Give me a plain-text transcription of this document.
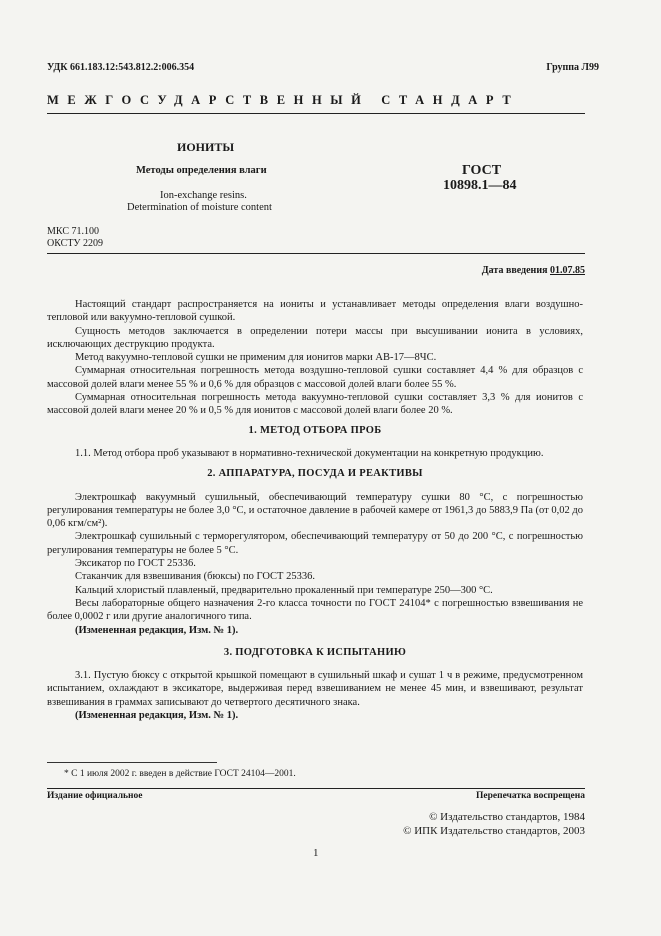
УДК 661.183.12:543.812.2:006.354	Группа Л99
МЕЖГОСУДАРСТВЕННЫЙ СТАНДАРТ
ИОНИТЫ
Методы определения влаги
Ion-exchange resins.
Determination of moisture content
ГОСТ
10898.1—84
МКС 71.100
ОКСТУ 2209
Дата введения 01.07.85

Настоящий стандарт распространяется на иониты и устанавливает методы определения влаги воздушно-тепловой или вакуумно-тепловой сушкой.

Сущность методов заключается в определении потери массы при высушивании ионита в условиях, исключающих деструкцию продукта.

Метод вакуумно-тепловой сушки не применим для ионитов марки АВ-17—8ЧС.

Суммарная относительная погрешность метода воздушно-тепловой сушки составляет 4,4 % для образцов с массовой долей влаги менее 55 % и 0,6 % для образцов с массовой долей влаги более 55 %.

Суммарная относительная погрешность метода вакуумно-тепловой сушки составляет 3,3 % для ионитов с массовой долей влаги менее 20 % и 0,5 % для ионитов с массовой долей влаги более 20 %.

1. МЕТОД ОТБОРА ПРОБ

1.1. Метод отбора проб указывают в нормативно-технической документации на конкретную продукцию.

2. АППАРАТУРА, ПОСУДА И РЕАКТИВЫ

Электрошкаф вакуумный сушильный, обеспечивающий температуру сушки 80 °С, с погрешностью регулирования температуры не более 3,0 °С, и остаточное давление в рабочей камере от 1961,3 до 5883,9 Па (от 0,02 до 0,06 кгм/см²).

Электрошкаф сушильный с терморегулятором, обеспечивающий температуру от 50 до 200 °С, с погрешностью регулирования температуры не более 5 °С.

Эксикатор по ГОСТ 25336.

Стаканчик для взвешивания (бюксы) по ГОСТ 25336.

Кальций хлористый плавленый, предварительно прокаленный при температуре 250—300 °С.

Весы лабораторные общего назначения 2-го класса точности по ГОСТ 24104* с погрешностью взвешивания не более 0,0002 г или другие аналогичного типа.

(Измененная редакция, Изм. № 1).

3. ПОДГОТОВКА К ИСПЫТАНИЮ

3.1. Пустую бюксу с открытой крышкой помещают в сушильный шкаф и сушат 1 ч в режиме, предусмотренном испытанием, охлаждают в эксикаторе, выдерживая перед взвешиванием не менее 45 мин, и взвешивают, результат взвешивания в граммах записывают до четвертого десятичного знака.

(Измененная редакция, Изм. № 1).

* С 1 июля 2002 г. введен в действие ГОСТ 24104—2001.
Издание официальное	Перепечатка воспрещена
© Издательство стандартов, 1984
© ИПК Издательство стандартов, 2003
1
